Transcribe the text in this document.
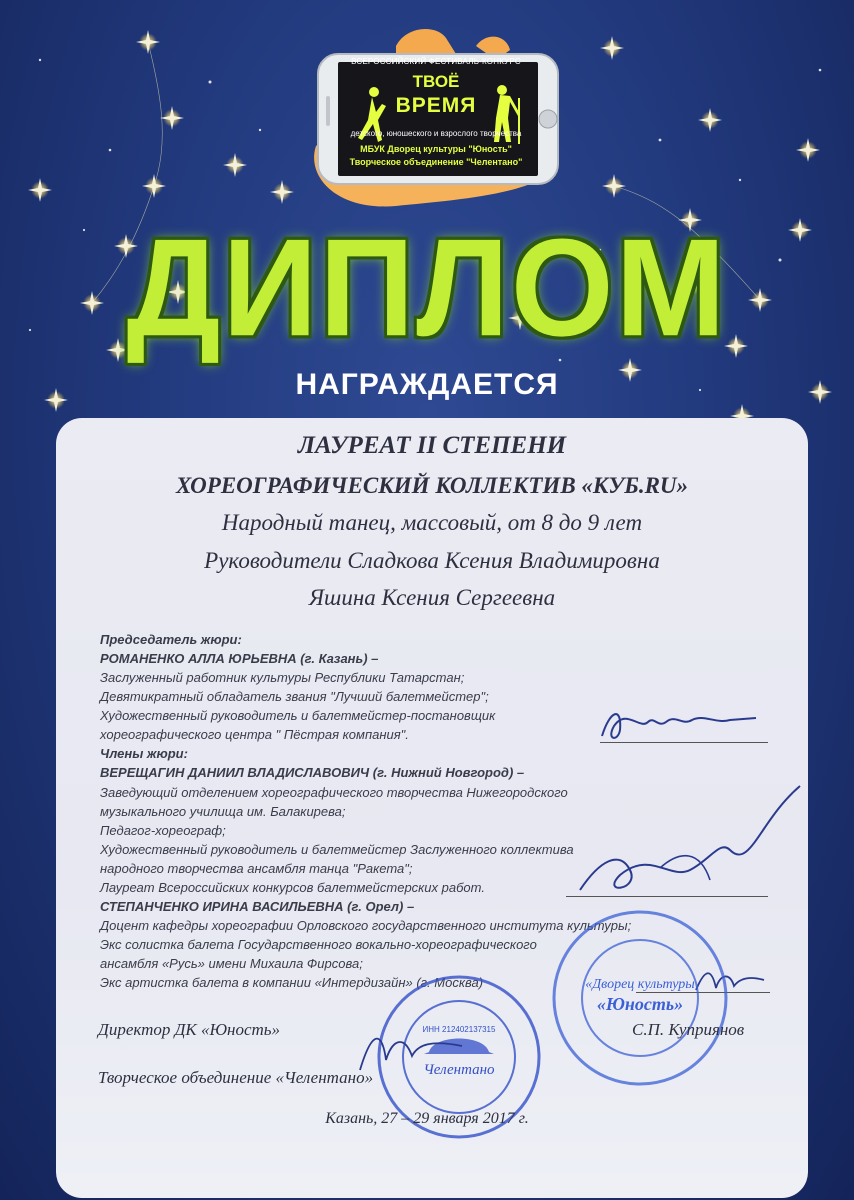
ВСЕРОССИЙСКИЙ ФЕСТИВАЛЬ-КОНКУРС
ТВОЁ
ВРЕМЯ
детского, юношеского и взрослого творчества
МБУК Дворец культуры "Юность"
Творческое объединение "Челентано"
ДИПЛОМ
НАГРАЖДАЕТСЯ
ЛАУРЕАТ II СТЕПЕНИ
ХОРЕОГРАФИЧЕСКИЙ КОЛЛЕКТИВ «КУБ.RU»
Народный танец, массовый, от 8 до 9 лет
Руководители Сладкова Ксения Владимировна
Яшина Ксения Сергеевна
Председатель жюри:
РОМАНЕНКО АЛЛА ЮРЬЕВНА (г. Казань) –
Заслуженный работник культуры Республики Татарстан;
Девятикратный обладатель звания "Лучший балетмейстер";
Художественный руководитель и балетмейстер-постановщик
хореографического центра " Пёстрая компания".
Члены жюри:
ВЕРЕЩАГИН ДАНИИЛ ВЛАДИСЛАВОВИЧ (г. Нижний Новгород) –
Заведующий отделением хореографического творчества Нижегородского
музыкального училища им. Балакирева;
Педагог-хореограф;
Художественный руководитель и балетмейстер Заслуженного коллектива
народного творчества ансамбля танца "Ракета";
Лауреат Всероссийских конкурсов балетмейстерских работ.
СТЕПАНЧЕНКО ИРИНА ВАСИЛЬЕВНА (г. Орел) –
Доцент кафедры хореографии Орловского государственного института культуры;
Экс солистка балета Государственного вокально-хореографического
ансамбля «Русь» имени Михаила Фирсова;
Экс артистка балета в компании «Интердизайн» (г. Москва)
Челентано
ИНН 212402137315
«Дворец культуры
«Юность»
Директор ДК «Юность»	С.П. Куприянов
Творческое объединение «Челентано»
Казань, 27 – 29 января 2017 г.
